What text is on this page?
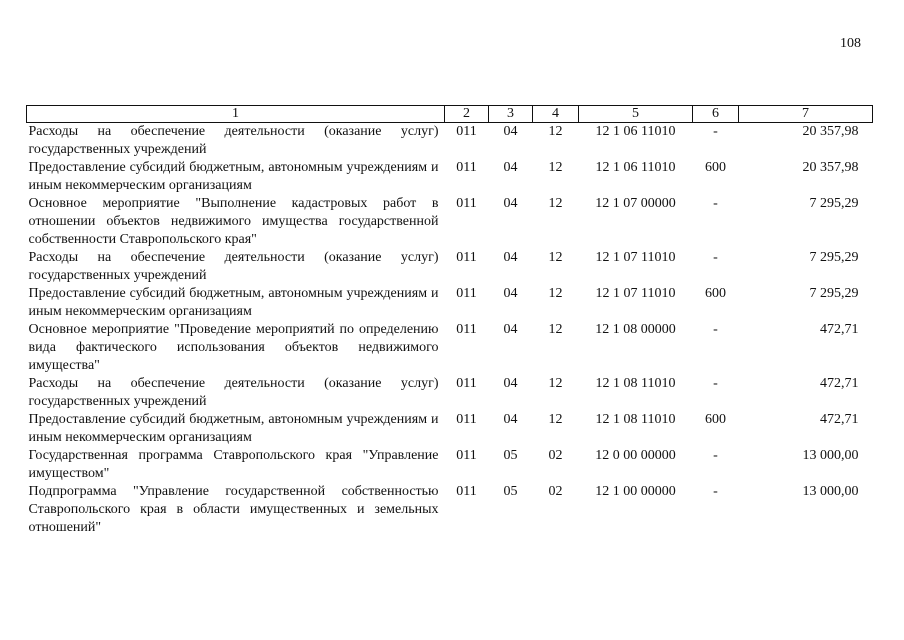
108
1	2	3	4	5	6	7
Расходы на обеспечение деятельности (оказание услуг) государственных учреждений	011	04	12	12 1 06 11010	-	20 357,98
Предоставление субсидий бюджетным, автономным учреждениям и иным некоммерческим организациям	011	04	12	12 1 06 11010	600	20 357,98
Основное мероприятие "Выполнение кадастровых работ в отношении объектов недвижимого имущества государственной собственности Ставропольского края"	011	04	12	12 1 07 00000	-	7 295,29
Расходы на обеспечение деятельности (оказание услуг) государственных учреждений	011	04	12	12 1 07 11010	-	7 295,29
Предоставление субсидий бюджетным, автономным учреждениям и иным некоммерческим организациям	011	04	12	12 1 07 11010	600	7 295,29
Основное мероприятие "Проведение мероприятий по определению вида фактического использования объектов недвижимого имущества"	011	04	12	12 1 08 00000	-	472,71
Расходы на обеспечение деятельности (оказание услуг) государственных учреждений	011	04	12	12 1 08 11010	-	472,71
Предоставление субсидий бюджетным, автономным учреждениям и иным некоммерческим организациям	011	04	12	12 1 08 11010	600	472,71
Государственная программа Ставропольского края "Управление имуществом"	011	05	02	12 0 00 00000	-	13 000,00
Подпрограмма "Управление государственной собственностью Ставропольского края в области имущественных и земельных отношений"	011	05	02	12 1 00 00000	-	13 000,00
